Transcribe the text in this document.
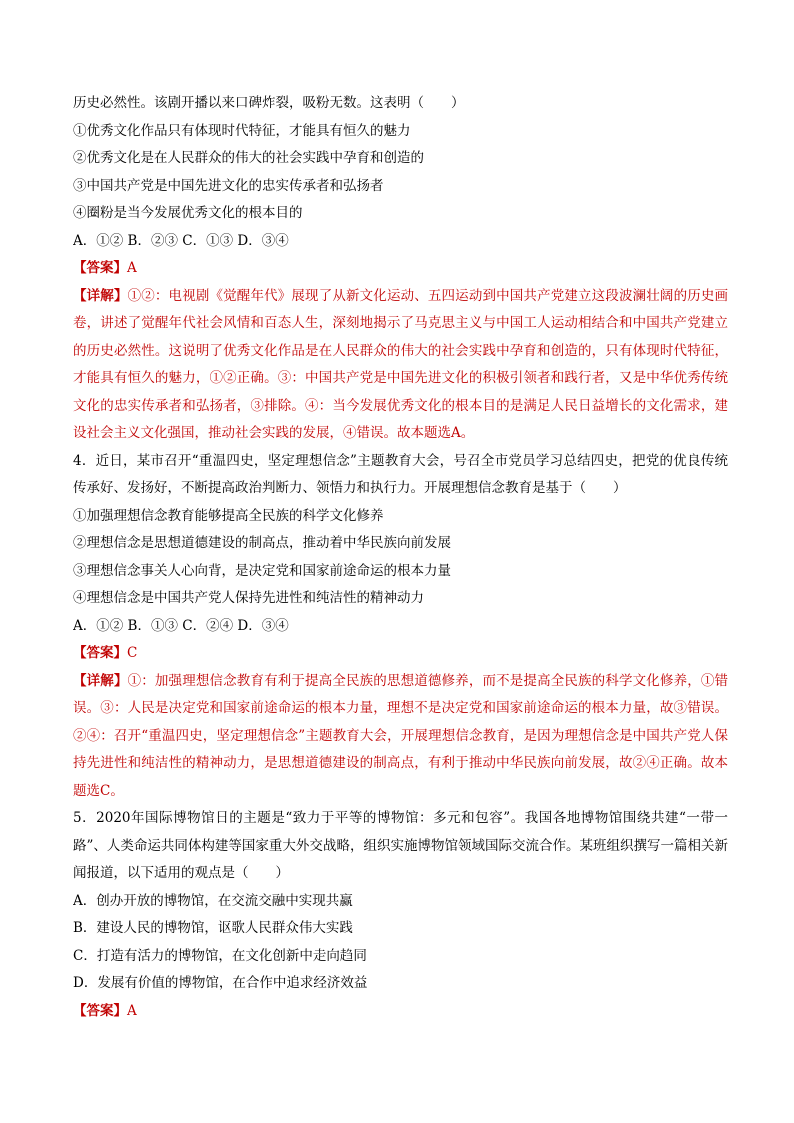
历史必然性。该剧开播以来口碑炸裂，吸粉无数。这表明（　　）
①优秀文化作品只有体现时代特征，才能具有恒久的魅力
②优秀文化是在人民群众的伟大的社会实践中孕育和创造的
③中国共产党是中国先进文化的忠实传承者和弘扬者
④圈粉是当今发展优秀文化的根本目的
A．①② B．②③ C．①③ D．③④
【答案】A
【详解】①②：电视剧《觉醒年代》展现了从新文化运动、五四运动到中国共产党建立这段波澜壮阔的历史画卷，讲述了觉醒年代社会风情和百态人生，深刻地揭示了马克思主义与中国工人运动相结合和中国共产党建立的历史必然性。这说明了优秀文化作品是在人民群众的伟大的社会实践中孕育和创造的，只有体现时代特征，才能具有恒久的魅力，①②正确。③：中国共产党是中国先进文化的积极引领者和践行者，又是中华优秀传统文化的忠实传承者和弘扬者，③排除。④：当今发展优秀文化的根本目的是满足人民日益增长的文化需求，建设社会主义文化强国，推动社会实践的发展，④错误。故本题选A。
4．近日，某市召开“重温四史，坚定理想信念”主题教育大会，号召全市党员学习总结四史，把党的优良传统传承好、发扬好，不断提高政治判断力、领悟力和执行力。开展理想信念教育是基于（　　）
①加强理想信念教育能够提高全民族的科学文化修养
②理想信念是思想道德建设的制高点，推动着中华民族向前发展
③理想信念事关人心向背，是决定党和国家前途命运的根本力量
④理想信念是中国共产党人保持先进性和纯洁性的精神动力
A．①② B．①③ C．②④ D．③④
【答案】C
【详解】①：加强理想信念教育有利于提高全民族的思想道德修养，而不是提高全民族的科学文化修养，①错误。③：人民是决定党和国家前途命运的根本力量，理想不是决定党和国家前途命运的根本力量，故③错误。②④：召开“重温四史，坚定理想信念”主题教育大会，开展理想信念教育，是因为理想信念是中国共产党人保持先进性和纯洁性的精神动力，是思想道德建设的制高点，有利于推动中华民族向前发展，故②④正确。故本题选C。
5．2020年国际博物馆日的主题是“致力于平等的博物馆：多元和包容”。我国各地博物馆围绕共建“一带一路”、人类命运共同体构建等国家重大外交战略，组织实施博物馆领域国际交流合作。某班组织撰写一篇相关新闻报道，以下适用的观点是（　　）
A．创办开放的博物馆，在交流交融中实现共赢
B．建设人民的博物馆，讴歌人民群众伟大实践
C．打造有活力的博物馆，在文化创新中走向趋同
D．发展有价值的博物馆，在合作中追求经济效益
【答案】A
